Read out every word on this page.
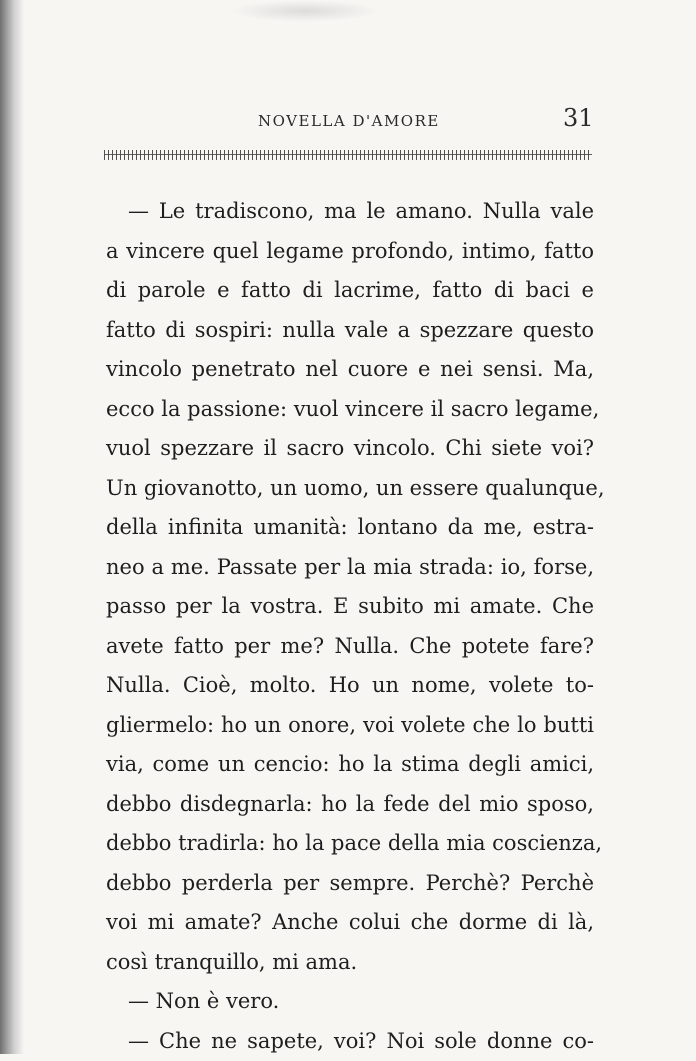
NOVELLA D'AMORE	31
— Le tradiscono, ma le amano. Nulla vale
a vincere quel legame profondo, intimo, fatto
di parole e fatto di lacrime, fatto di baci e
fatto di sospiri: nulla vale a spezzare questo
vincolo penetrato nel cuore e nei sensi. Ma,
ecco la passione: vuol vincere il sacro legame,
vuol spezzare il sacro vincolo. Chi siete voi?
Un giovanotto, un uomo, un essere qualunque,
della infinita umanità: lontano da me, estra-
neo a me. Passate per la mia strada: io, forse,
passo per la vostra. E subito mi amate. Che
avete fatto per me? Nulla. Che potete fare?
Nulla. Cioè, molto. Ho un nome, volete to-
gliermelo: ho un onore, voi volete che lo butti
via, come un cencio: ho la stima degli amici,
debbo disdegnarla: ho la fede del mio sposo,
debbo tradirla: ho la pace della mia coscienza,
debbo perderla per sempre. Perchè? Perchè
voi mi amate? Anche colui che dorme di là,
così tranquillo, mi ama.
— Non è vero.
— Che ne sapete, voi? Noi sole donne co-
